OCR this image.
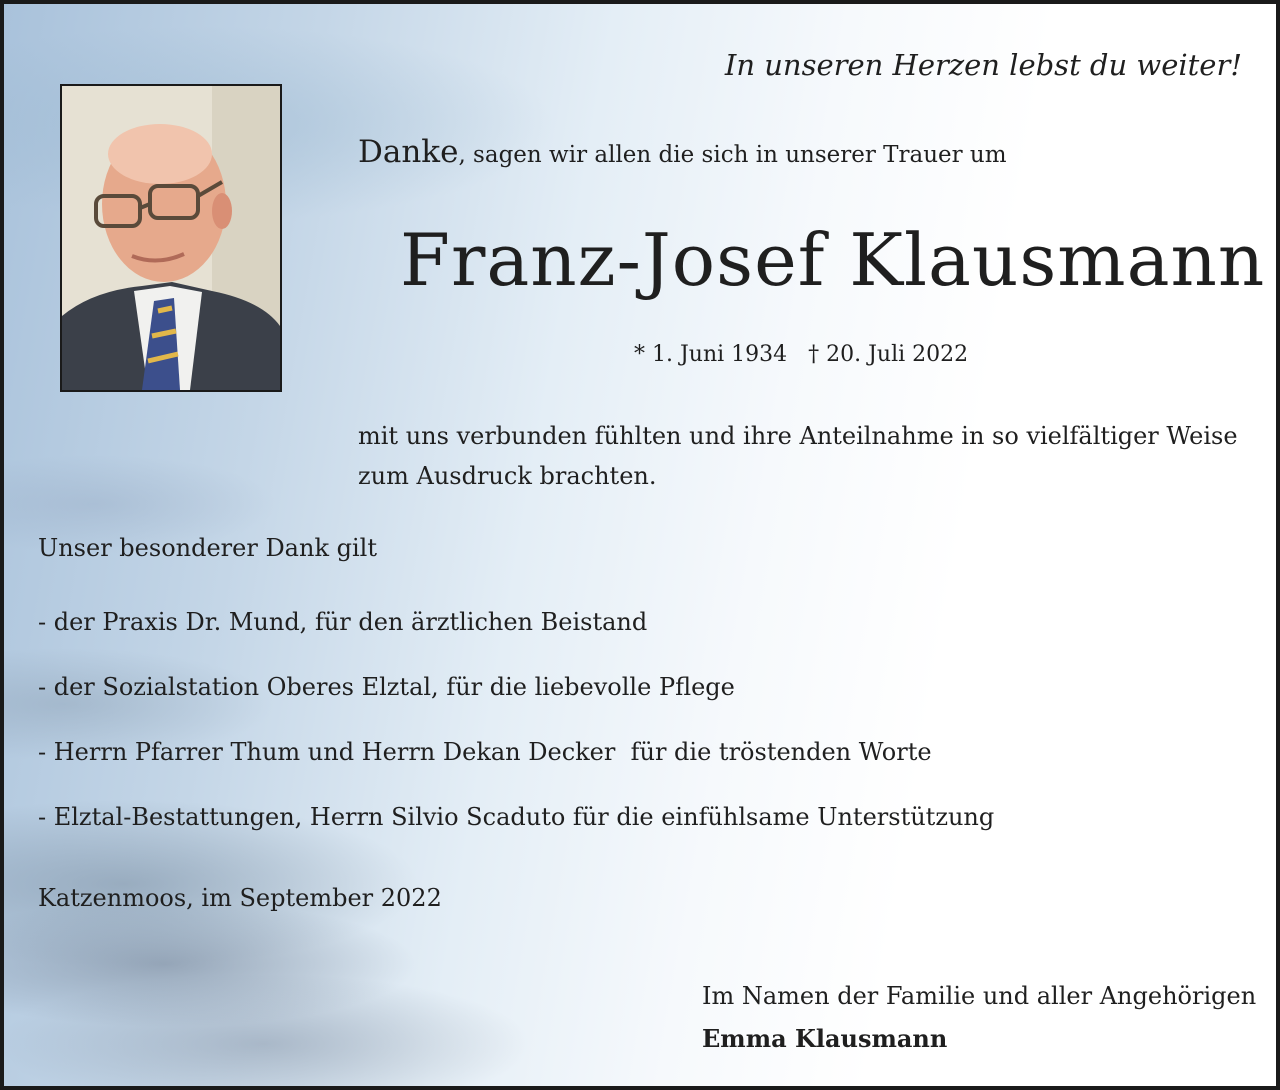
In unseren Herzen lebst du weiter!

Danke, sagen wir allen die sich in unserer Trauer um

Franz-Josef Klausmann

* 1. Juni 1934 † 20. Juli 2022

mit uns verbunden fühlten und ihre Anteilnahme in so vielfältiger Weise
zum Ausdruck brachten.

Unser besonderer Dank gilt

- der Praxis Dr. Mund, für den ärztlichen Beistand
- der Sozialstation Oberes Elztal, für die liebevolle Pflege
- Herrn Pfarrer Thum und Herrn Dekan Decker  für die tröstenden Worte
- Elztal-Bestattungen, Herrn Silvio Scaduto für die einfühlsame Unterstützung

Katzenmoos, im September 2022

Im Namen der Familie und aller Angehörigen

Emma Klausmann
